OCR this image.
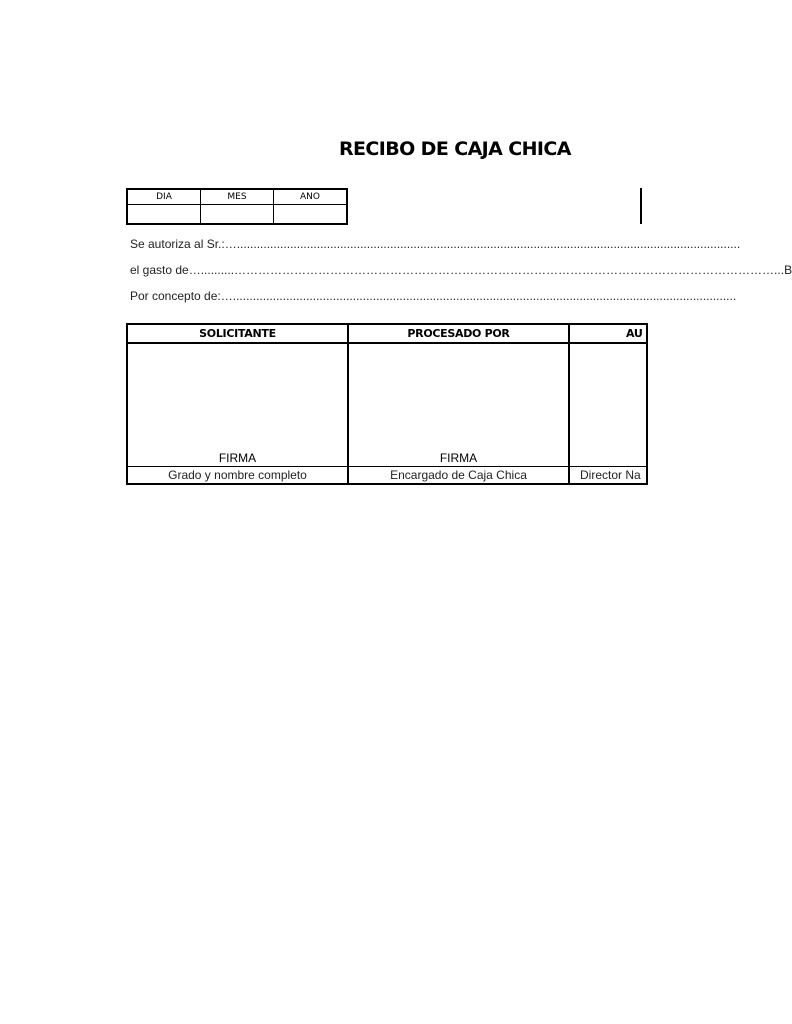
RECIBO DE CAJA CHICA
DIA	MES	ANO

Se autoriza al Sr.:….......................................................................................................................................................
el gasto de…..........………………………………………………………………………………………………………………………...B
Por concepto de:….......................................................................................................................................................
SOLICITANTE	PROCESADO POR	AU

FIRMA	FIRMA	

Grado y nombre completo	Encargado de Caja Chica	Director Na
